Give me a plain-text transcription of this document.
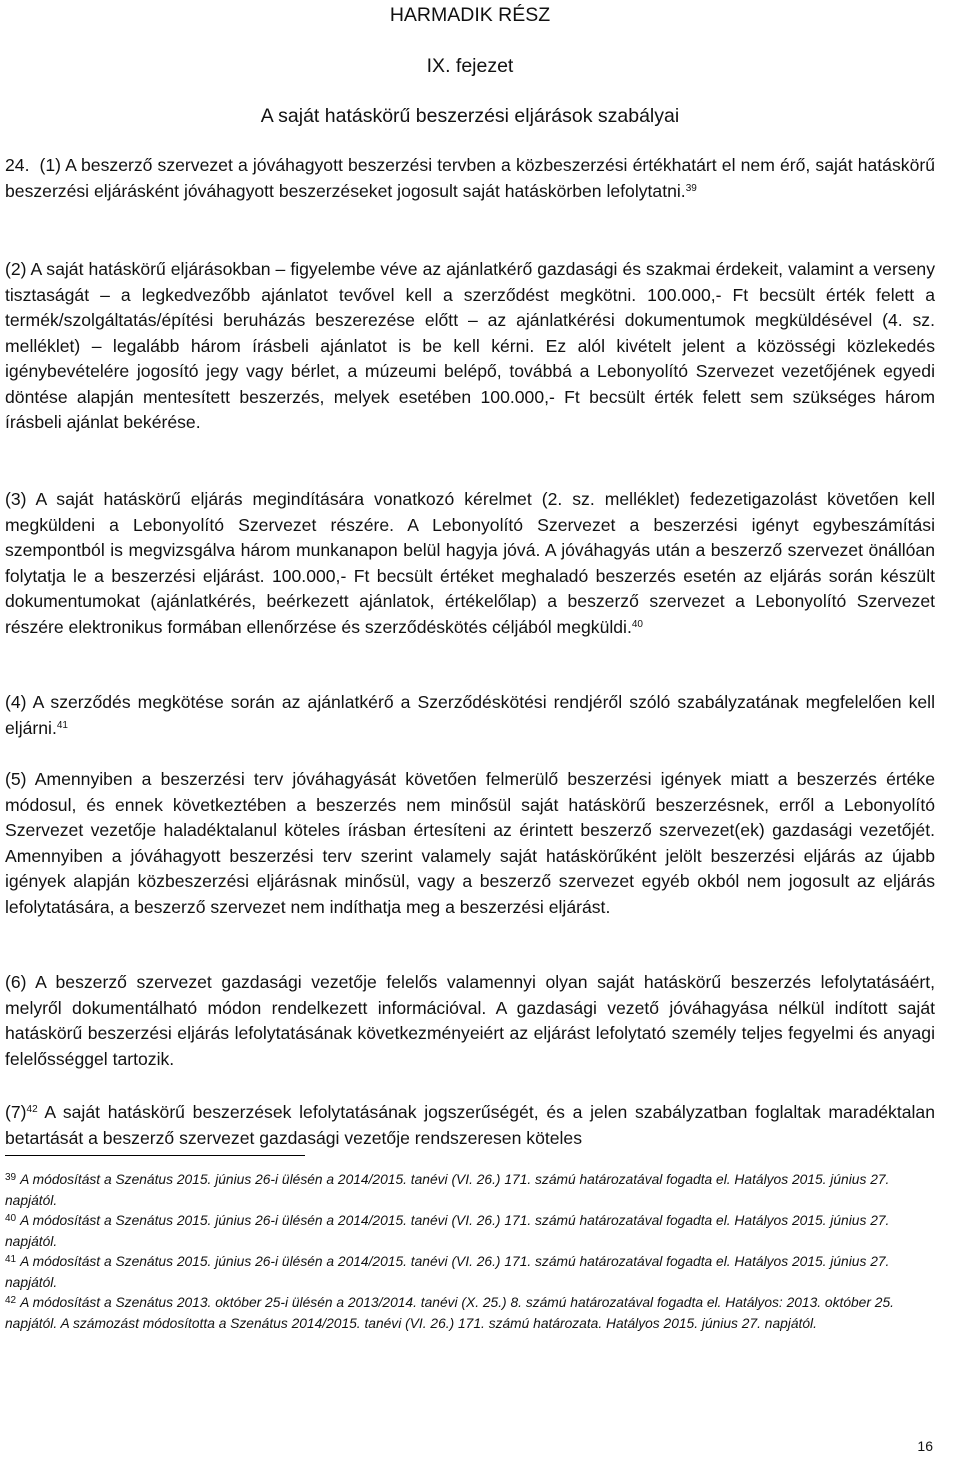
HARMADIK RÉSZ
IX. fejezet
A saját hatáskörű beszerzési eljárások szabályai

24. (1) A beszerző szervezet a jóváhagyott beszerzési tervben a közbeszerzési értékhatárt el nem érő, saját hatáskörű beszerzési eljárásként jóváhagyott beszerzéseket jogosult saját hatáskörben lefolytatni.$^{39}$

(2) A saját hatáskörű eljárásokban – figyelembe véve az ajánlatkérő gazdasági és szakmai érdekeit, valamint a verseny tisztaságát – a legkedvezőbb ajánlatot tevővel kell a szerződést megkötni. 100.000,- Ft becsült érték felett a termék/szolgáltatás/építési beruházás beszerezése előtt – az ajánlatkérési dokumentumok megküldésével (4. sz. melléklet) – legalább három írásbeli ajánlatot is be kell kérni. Ez alól kivételt jelent a közösségi közlekedés igénybevételére jogosító jegy vagy bérlet, a múzeumi belépő, továbbá a Lebonyolító Szervezet vezetőjének egyedi döntése alapján mentesített beszerzés, melyek esetében 100.000,- Ft becsült érték felett sem szükséges három írásbeli ajánlat bekérése.

(3) A saját hatáskörű eljárás megindítására vonatkozó kérelmet (2. sz. melléklet) fedezetigazolást követően kell megküldeni a Lebonyolító Szervezet részére. A Lebonyolító Szervezet a beszerzési igényt egybeszámítási szempontból is megvizsgálva három munkanapon belül hagyja jóvá. A jóváhagyás után a beszerző szervezet önállóan folytatja le a beszerzési eljárást. 100.000,- Ft becsült értéket meghaladó beszerzés esetén az eljárás során készült dokumentumokat (ajánlatkérés, beérkezett ajánlatok, értékelőlap) a beszerző szervezet a Lebonyolító Szervezet részére elektronikus formában ellenőrzése és szerződéskötés céljából megküldi.$^{40}$

(4) A szerződés megkötése során az ajánlatkérő a Szerződéskötési rendjéről szóló szabályzatának megfelelően kell eljárni.$^{41}$

(5) Amennyiben a beszerzési terv jóváhagyását követően felmerülő beszerzési igények miatt a beszerzés értéke módosul, és ennek következtében a beszerzés nem minősül saját hatáskörű beszerzésnek, erről a Lebonyolító Szervezet vezetője haladéktalanul köteles írásban értesíteni az érintett beszerző szervezet(ek) gazdasági vezetőjét. Amennyiben a jóváhagyott beszerzési terv szerint valamely saját hatáskörűként jelölt beszerzési eljárás az újabb igények alapján közbeszerzési eljárásnak minősül, vagy a beszerző szervezet egyéb okból nem jogosult az eljárás lefolytatására, a beszerző szervezet nem indíthatja meg a beszerzési eljárást.

(6) A beszerző szervezet gazdasági vezetője felelős valamennyi olyan saját hatáskörű beszerzés lefolytatásáért, melyről dokumentálható módon rendelkezett információval. A gazdasági vezető jóváhagyása nélkül indított saját hatáskörű beszerzési eljárás lefolytatásának következményeiért az eljárást lefolytató személy teljes fegyelmi és anyagi felelősséggel tartozik.

$(7)^{42}$ A saját hatáskörű beszerzések lefolytatásának jogszerűségét, és a jelen szabályzatban foglaltak maradéktalan betartását a beszerző szervezet gazdasági vezetője rendszeresen köteles

$^{39}$ A módosítást a Szenátus 2015. június 26-i ülésén a 2014/2015. tanévi (VI. 26.) 171. számú határozatával fogadta el. Hatályos 2015. június 27. napjától.

$^{40}$ A módosítást a Szenátus 2015. június 26-i ülésén a 2014/2015. tanévi (VI. 26.) 171. számú határozatával fogadta el. Hatályos 2015. június 27. napjától.

$^{41}$ A módosítást a Szenátus 2015. június 26-i ülésén a 2014/2015. tanévi (VI. 26.) 171. számú határozatával fogadta el. Hatályos 2015. június 27. napjától.

$^{42}$ A módosítást a Szenátus 2013. október 25-i ülésén a 2013/2014. tanévi (X. 25.) 8. számú határozatával fogadta el. Hatályos: 2013. október 25. napjától. A számozást módosította a Szenátus 2014/2015. tanévi (VI. 26.) 171. számú határozata. Hatályos 2015. június 27. napjától.

16
